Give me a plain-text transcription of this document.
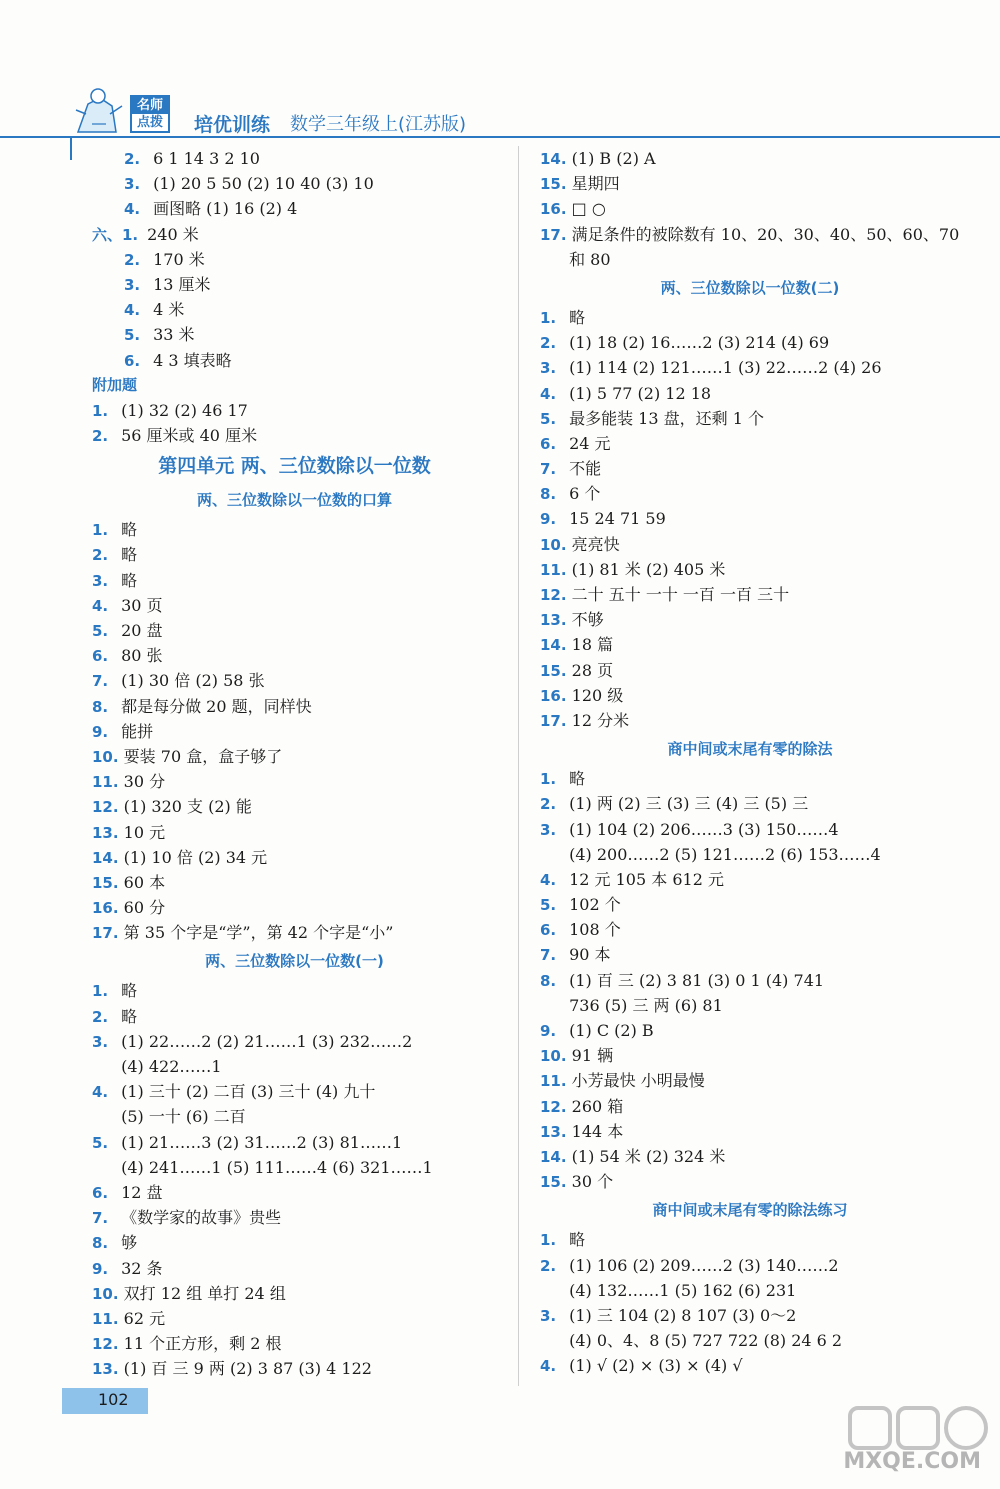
名师
点拨 培优训练 数学三年级上(江苏版)
2. 6 1 14 3 2 10
3. (1) 20 5 50 (2) 10 40 (3) 10
4. 画图略 (1) 16 (2) 4
六、1. 240 米
2. 170 米
3. 13 厘米
4. 4 米
5. 33 米
6. 4 3 填表略
附加题
1. (1) 32 (2) 46 17
2. 56 厘米或 40 厘米
第四单元 两、三位数除以一位数
两、三位数除以一位数的口算
1. 略
2. 略
3. 略
4. 30 页
5. 20 盘
6. 80 张
7. (1) 30 倍 (2) 58 张
8. 都是每分做 20 题，同样快
9. 能拼
10. 要装 70 盒，盒子够了
11. 30 分
12. (1) 320 支 (2) 能
13. 10 元
14. (1) 10 倍 (2) 34 元
15. 60 本
16. 60 分
17. 第 35 个字是“学”，第 42 个字是“小”
两、三位数除以一位数(一)
1. 略
2. 略
3. (1) 22……2 (2) 21……1 (3) 232……2
(4) 422……1
4. (1) 三十 (2) 二百 (3) 三十 (4) 九十
(5) 一十 (6) 二百
5. (1) 21……3 (2) 31……2 (3) 81……1
(4) 241……1 (5) 111……4 (6) 321……1
6. 12 盘
7. 《数学家的故事》贵些
8. 够
9. 32 条
10. 双打 12 组 单打 24 组
11. 62 元
12. 11 个正方形，剩 2 根
13. (1) 百 三 9 两 (2) 3 87 (3) 4 122
14. (1) B (2) A
15. 星期四
16. □ ○
17. 满足条件的被除数有 10、20、30、40、50、60、70
和 80
两、三位数除以一位数(二)
1. 略
2. (1) 18 (2) 16……2 (3) 214 (4) 69
3. (1) 114 (2) 121……1 (3) 22……2 (4) 26
4. (1) 5 77 (2) 12 18
5. 最多能装 13 盘，还剩 1 个
6. 24 元
7. 不能
8. 6 个
9. 15 24 71 59
10. 亮亮快
11. (1) 81 米 (2) 405 米
12. 二十 五十 一十 一百 一百 三十
13. 不够
14. 18 篇
15. 28 页
16. 120 级
17. 12 分米
商中间或末尾有零的除法
1. 略
2. (1) 两 (2) 三 (3) 三 (4) 三 (5) 三
3. (1) 104 (2) 206……3 (3) 150……4
(4) 200……2 (5) 121……2 (6) 153……4
4. 12 元 105 本 612 元
5. 102 个
6. 108 个
7. 90 本
8. (1) 百 三 (2) 3 81 (3) 0 1 (4) 741
736 (5) 三 两 (6) 81
9. (1) C (2) B
10. 91 辆
11. 小芳最快 小明最慢
12. 260 箱
13. 144 本
14. (1) 54 米 (2) 324 米
15. 30 个
商中间或末尾有零的除法练习
1. 略
2. (1) 106 (2) 209……2 (3) 140……2
(4) 132……1 (5) 162 (6) 231
3. (1) 三 104 (2) 8 107 (3) 0～2
(4) 0、4、8 (5) 727 722 (8) 24 6 2
4. (1) √ (2) × (3) × (4) √
102
MXQE.COM
